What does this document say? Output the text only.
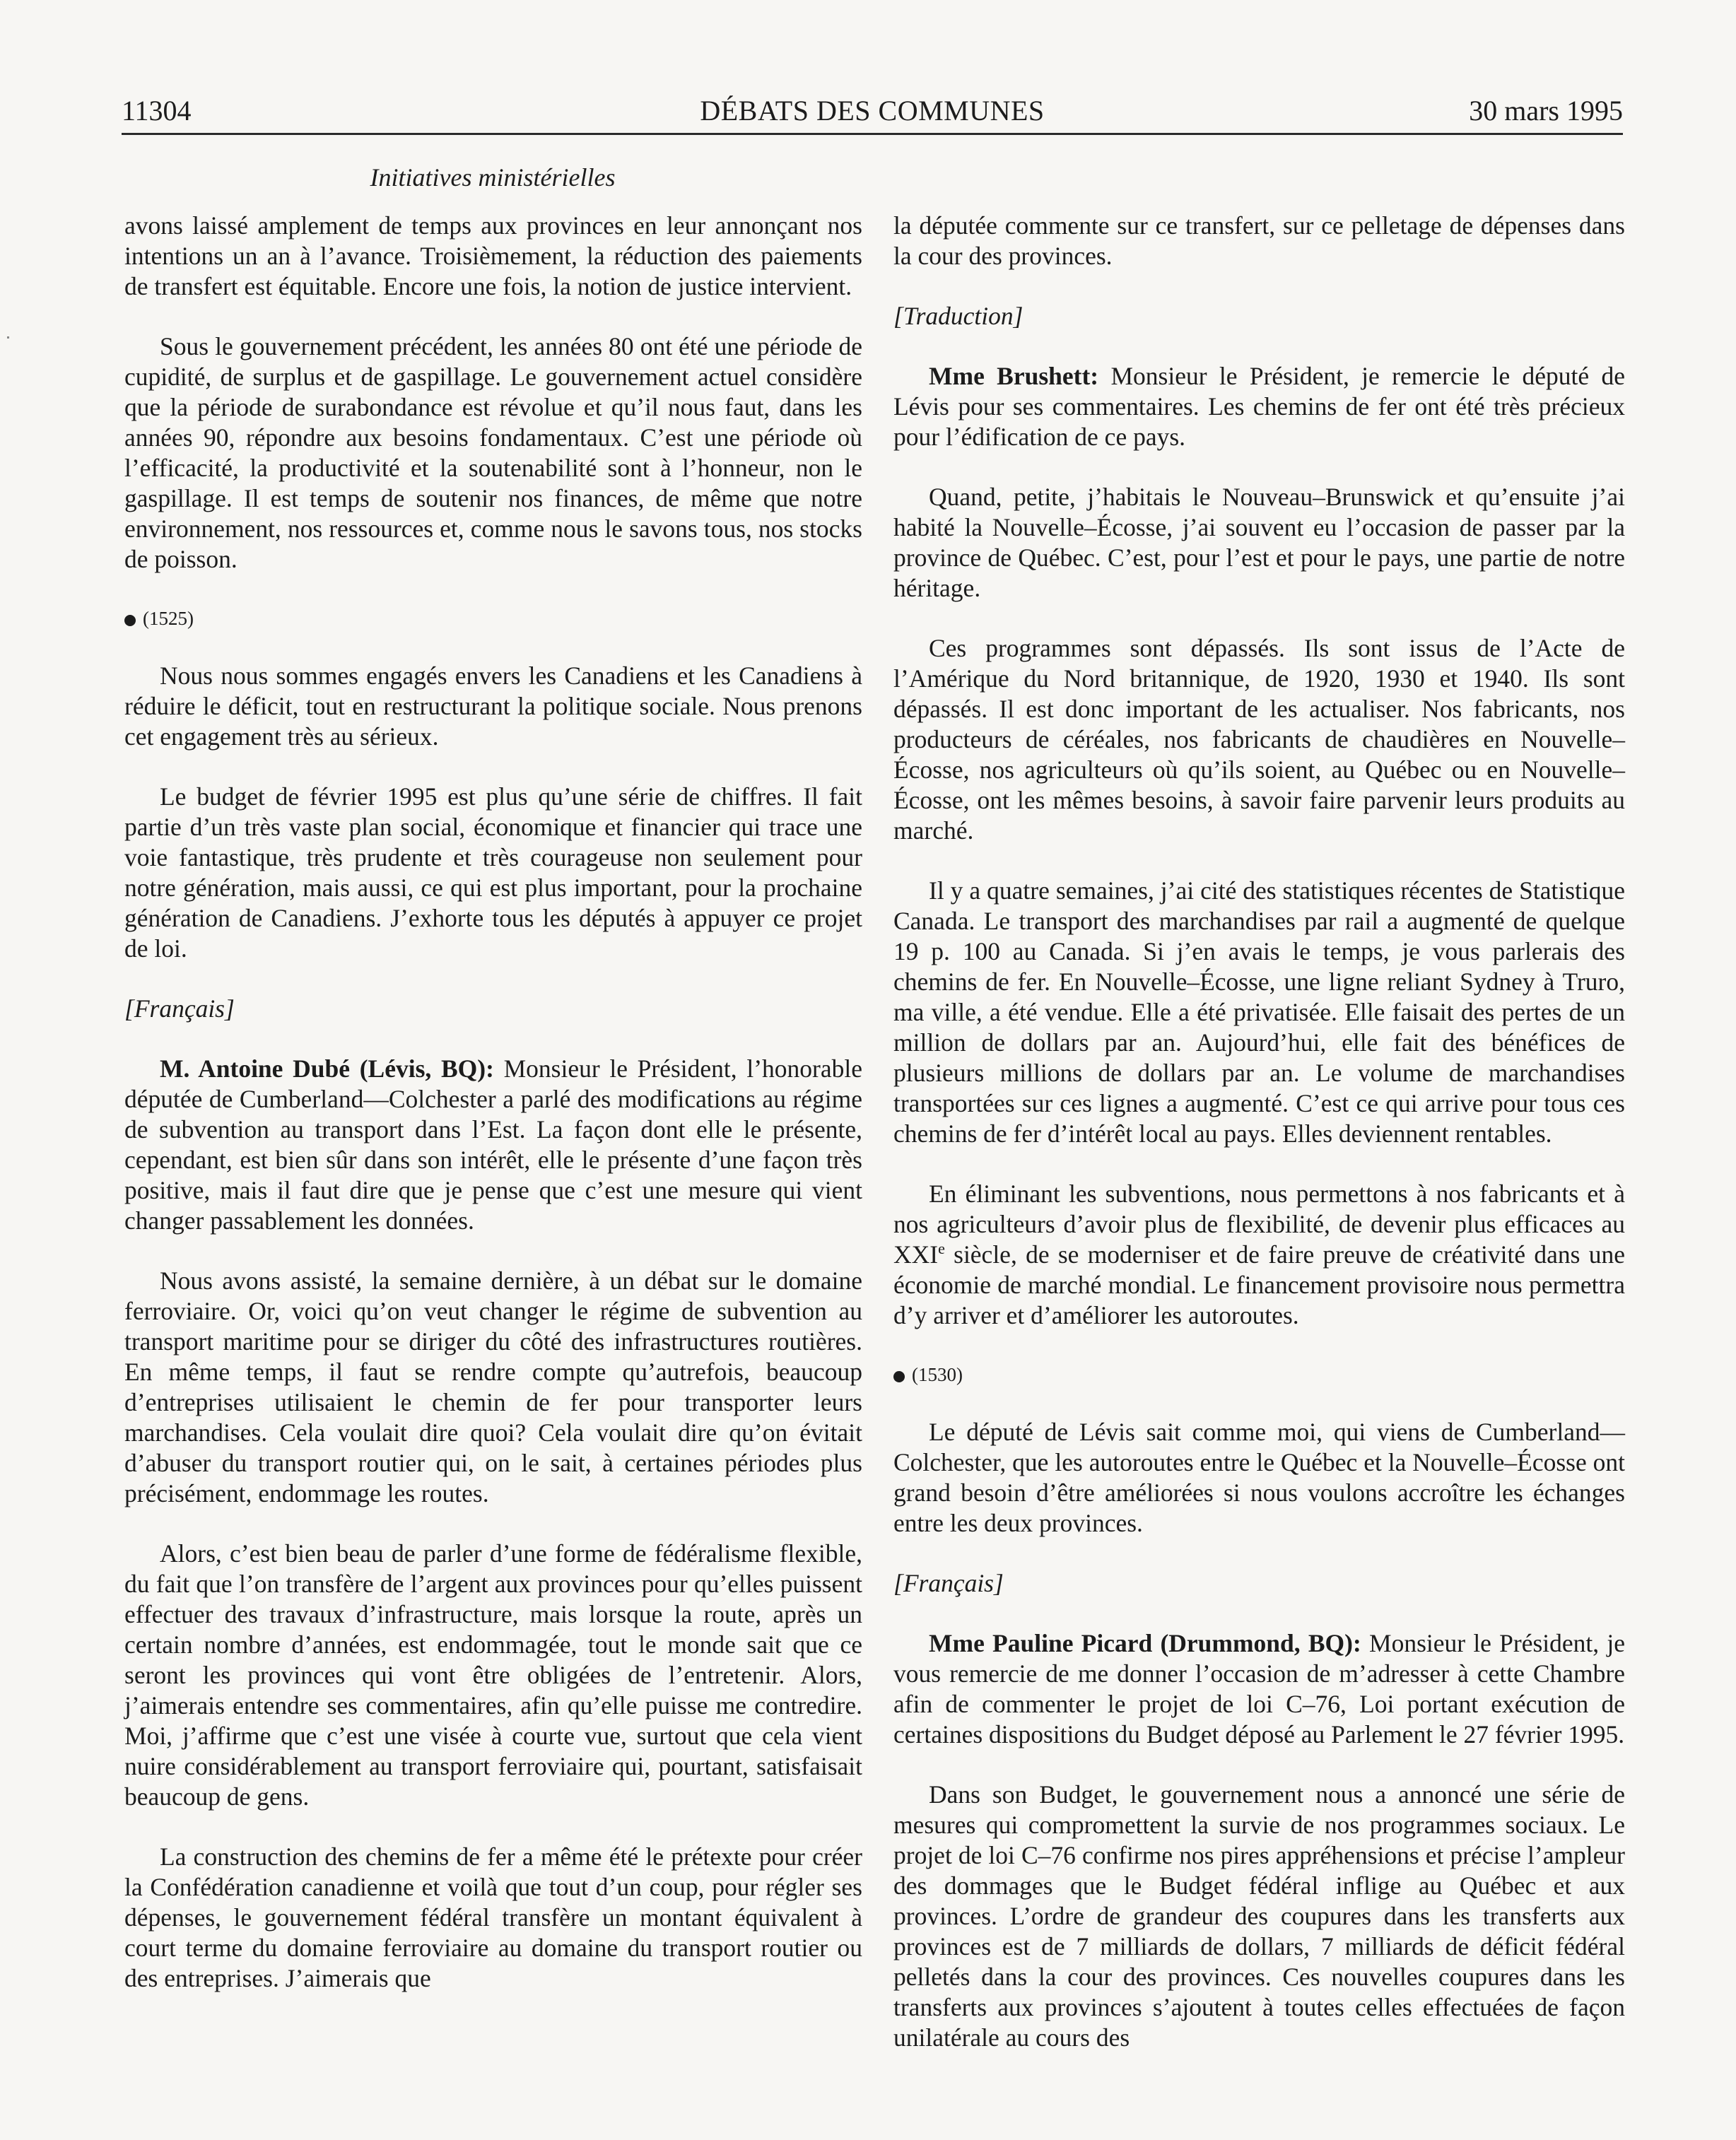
11304	DÉBATS DES COMMUNES	30 mars 1995
Initiatives ministérielles

avons laissé amplement de temps aux provinces en leur annonçant nos intentions un an à l’avance. Troisièmement, la réduction des paiements de transfert est équitable. Encore une fois, la notion de justice intervient.

Sous le gouvernement précédent, les années 80 ont été une période de cupidité, de surplus et de gaspillage. Le gouvernement actuel considère que la période de surabondance est révolue et qu’il nous faut, dans les années 90, répondre aux besoins fondamentaux. C’est une période où l’efficacité, la productivité et la soutenabilité sont à l’honneur, non le gaspillage. Il est temps de soutenir nos finances, de même que notre environnement, nos ressources et, comme nous le savons tous, nos stocks de poisson.

(1525)

Nous nous sommes engagés envers les Canadiens et les Canadiens à réduire le déficit, tout en restructurant la politique sociale. Nous prenons cet engagement très au sérieux.

Le budget de février 1995 est plus qu’une série de chiffres. Il fait partie d’un très vaste plan social, économique et financier qui trace une voie fantastique, très prudente et très courageuse non seulement pour notre génération, mais aussi, ce qui est plus important, pour la prochaine génération de Canadiens. J’exhorte tous les députés à appuyer ce projet de loi.

[Français]

M. Antoine Dubé (Lévis, BQ): Monsieur le Président, l’honorable députée de Cumberland—Colchester a parlé des modifications au régime de subvention au transport dans l’Est. La façon dont elle le présente, cependant, est bien sûr dans son intérêt, elle le présente d’une façon très positive, mais il faut dire que je pense que c’est une mesure qui vient changer passablement les données.

Nous avons assisté, la semaine dernière, à un débat sur le domaine ferroviaire. Or, voici qu’on veut changer le régime de subvention au transport maritime pour se diriger du côté des infrastructures routières. En même temps, il faut se rendre compte qu’autrefois, beaucoup d’entreprises utilisaient le chemin de fer pour transporter leurs marchandises. Cela voulait dire quoi? Cela voulait dire qu’on évitait d’abuser du transport routier qui, on le sait, à certaines périodes plus précisément, endommage les routes.

Alors, c’est bien beau de parler d’une forme de fédéralisme flexible, du fait que l’on transfère de l’argent aux provinces pour qu’elles puissent effectuer des travaux d’infrastructure, mais lorsque la route, après un certain nombre d’années, est endommagée, tout le monde sait que ce seront les provinces qui vont être obligées de l’entretenir. Alors, j’aimerais entendre ses commentaires, afin qu’elle puisse me contredire. Moi, j’affirme que c’est une visée à courte vue, surtout que cela vient nuire considérablement au transport ferroviaire qui, pourtant, satisfaisait beaucoup de gens.

La construction des chemins de fer a même été le prétexte pour créer la Confédération canadienne et voilà que tout d’un coup, pour régler ses dépenses, le gouvernement fédéral transfère un montant équivalent à court terme du domaine ferroviaire au domaine du transport routier ou des entreprises. J’aimerais que

la députée commente sur ce transfert, sur ce pelletage de dépenses dans la cour des provinces.

[Traduction]

Mme Brushett: Monsieur le Président, je remercie le député de Lévis pour ses commentaires. Les chemins de fer ont été très précieux pour l’édification de ce pays.

Quand, petite, j’habitais le Nouveau–Brunswick et qu’ensuite j’ai habité la Nouvelle–Écosse, j’ai souvent eu l’occasion de passer par la province de Québec. C’est, pour l’est et pour le pays, une partie de notre héritage.

Ces programmes sont dépassés. Ils sont issus de l’Acte de l’Amérique du Nord britannique, de 1920, 1930 et 1940. Ils sont dépassés. Il est donc important de les actualiser. Nos fabricants, nos producteurs de céréales, nos fabricants de chaudières en Nouvelle–Écosse, nos agriculteurs où qu’ils soient, au Québec ou en Nouvelle–Écosse, ont les mêmes besoins, à savoir faire parvenir leurs produits au marché.

Il y a quatre semaines, j’ai cité des statistiques récentes de Statistique Canada. Le transport des marchandises par rail a augmenté de quelque 19 p. 100 au Canada. Si j’en avais le temps, je vous parlerais des chemins de fer. En Nouvelle–Écosse, une ligne reliant Sydney à Truro, ma ville, a été vendue. Elle a été privatisée. Elle faisait des pertes de un million de dollars par an. Aujourd’hui, elle fait des bénéfices de plusieurs millions de dollars par an. Le volume de marchandises transportées sur ces lignes a augmenté. C’est ce qui arrive pour tous ces chemins de fer d’intérêt local au pays. Elles deviennent rentables.

En éliminant les subventions, nous permettons à nos fabricants et à nos agriculteurs d’avoir plus de flexibilité, de devenir plus efficaces au XXIe siècle, de se moderniser et de faire preuve de créativité dans une économie de marché mondial. Le financement provisoire nous permettra d’y arriver et d’améliorer les autoroutes.

(1530)

Le député de Lévis sait comme moi, qui viens de Cumberland—Colchester, que les autoroutes entre le Québec et la Nouvelle–Écosse ont grand besoin d’être améliorées si nous voulons accroître les échanges entre les deux provinces.

[Français]

Mme Pauline Picard (Drummond, BQ): Monsieur le Président, je vous remercie de me donner l’occasion de m’adresser à cette Chambre afin de commenter le projet de loi C–76, Loi portant exécution de certaines dispositions du Budget déposé au Parlement le 27 février 1995.

Dans son Budget, le gouvernement nous a annoncé une série de mesures qui compromettent la survie de nos programmes sociaux. Le projet de loi C–76 confirme nos pires appréhensions et précise l’ampleur des dommages que le Budget fédéral inflige au Québec et aux provinces. L’ordre de grandeur des coupures dans les transferts aux provinces est de 7 milliards de dollars, 7 milliards de déficit fédéral pelletés dans la cour des provinces. Ces nouvelles coupures dans les transferts aux provinces s’ajoutent à toutes celles effectuées de façon unilatérale au cours des
